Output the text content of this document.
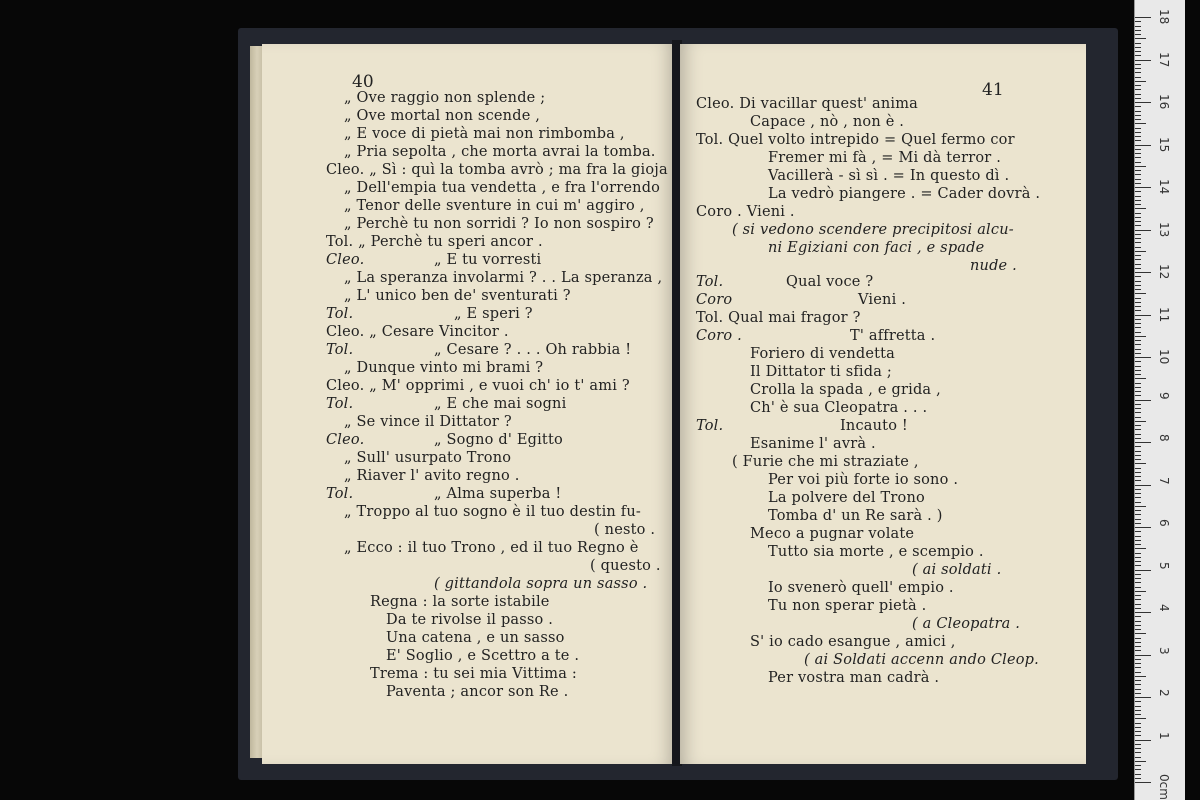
40
„ Ove raggio non splende ;
„ Ove mortal non scende ,
„ E voce di pietà mai non rimbomba ,
„ Pria sepolta , che morta avrai la tomba.
Cleo. „ Sì : quì la tomba avrò ; ma fra la gioja
„ Dell'empia tua vendetta , e fra l'orrendo
„ Tenor delle sventure in cui m' aggiro ,
„ Perchè tu non sorridi ? Io non sospiro ?
Tol. „ Perchè tu speri ancor .
Cleo.	„ E tu vorresti
„ La speranza involarmi ? . . La speranza ,
„ L' unico ben de' sventurati ?
Tol.	„ E speri ?
Cleo. „ Cesare Vincitor .
Tol.	„ Cesare ? . . . Oh rabbia !
„ Dunque vinto mi brami ?
Cleo. „ M' opprimi , e vuoi ch' io t' ami ?
Tol.	„ E che mai sogni
„ Se vince il Dittator ?
Cleo.	„ Sogno d' Egitto
„ Sull' usurpato Trono
„ Riaver l' avito regno .
Tol.	„ Alma superba !
„ Troppo al tuo sogno è il tuo destin fu-
( nesto .
„ Ecco : il tuo Trono , ed il tuo Regno è
( questo .
( gittandola sopra un sasso .
Regna : la sorte istabile
Da te rivolse il passo .
Una catena , e un sasso
E' Soglio , e Scettro a te .
Trema : tu sei mia Vittima :
Paventa ; ancor son Re .
41
Cleo. Di vacillar quest' anima
Capace , nò , non è .
Tol. Quel volto intrepido = Quel fermo cor
Fremer mi fà , = Mi dà terror .
Vacillerà - sì sì . = In questo dì .
La vedrò piangere . = Cader dovrà .
Coro . Vieni .
( si vedono scendere precipitosi alcu-
ni Egiziani con faci , e spade
nude .
Tol.	Qual voce ?
Coro	Vieni .
Tol. Qual mai fragor ?
Coro .	T' affretta .
Foriero di vendetta
Il Dittator ti sfida ;
Crolla la spada , e grida ,
Ch' è sua Cleopatra . . .
Tol.	Incauto !
Esanime l' avrà .
( Furie che mi straziate ,
Per voi più forte io sono .
La polvere del Trono
Tomba d' un Re sarà . )
Meco a pugnar volate
Tutto sia morte , e scempio .
( ai soldati .
Io svenerò quell' empio .
Tu non sperar pietà .
( a Cleopatra .
S' io cado esangue , amici ,
( ai Soldati accenn ando Cleop.
Per vostra man cadrà .
0cm
1
2
3
4
5
6
7
8
9
10
11
12
13
14
15
16
17
18
